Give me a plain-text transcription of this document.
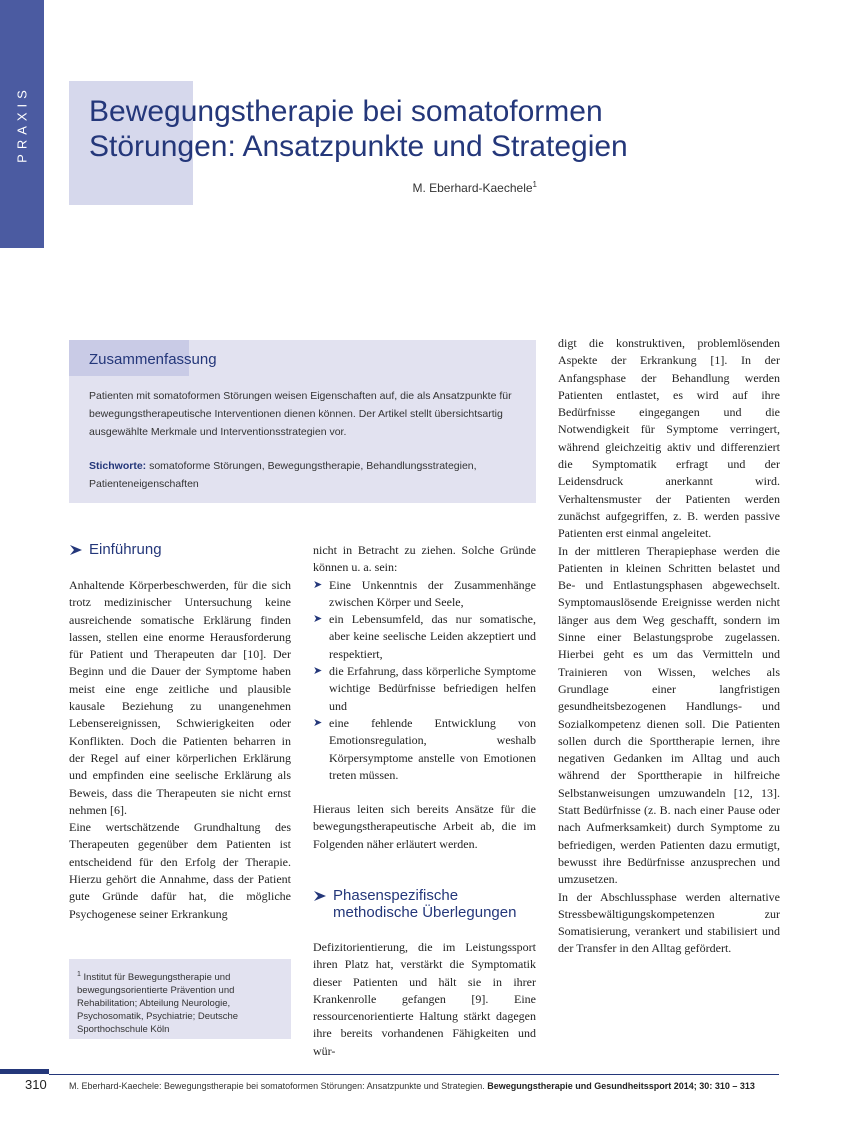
PRAXIS Bewegungstherapie bei somatoformen
Störungen: Ansatzpunkte und Strategien
M. Eberhard-Kaechele$^1$
Zusammenfassung
Patienten mit somatoformen Störungen weisen Eigenschaften auf, die als Ansatzpunkte für bewegungstherapeutische Interventionen dienen können. Der Artikel stellt übersichtsartig ausgewählte Merkmale und Interventionsstrategien vor.
Stichworte: somatoforme Störungen, Bewegungstherapie, Behandlungsstrategien, Patienteneigenschaften
Einführung

Anhaltende Körperbeschwerden, für die sich trotz medizinischer Untersuchung keine ausreichende somatische Erklärung finden lassen, stellen eine enorme Herausforderung für Patient und Therapeuten dar [10]. Der Beginn und die Dauer der Symptome haben meist eine enge zeitliche und plausible kausale Beziehung zu unangenehmen Lebensereignissen, Schwierigkeiten oder Konflikten. Doch die Patienten beharren in der Regel auf einer körperlichen Erklärung und empfinden eine seelische Erklärung als Beweis, dass die Therapeuten sie nicht ernst nehmen [6].

Eine wertschätzende Grundhaltung des Therapeuten gegenüber dem Patienten ist entscheidend für den Erfolg der Therapie. Hierzu gehört die Annahme, dass der Patient gute Gründe dafür hat, die mögliche Psychogenese seiner Erkrankung

nicht in Betracht zu ziehen. Solche Gründe können u. a. sein:

➤ Eine Unkenntnis der Zusammenhänge zwischen Körper und Seele,
➤ ein Lebensumfeld, das nur somatische, aber keine seelische Leiden akzeptiert und respektiert,
➤ die Erfahrung, dass körperliche Symptome wichtige Bedürfnisse befriedigen helfen und
➤ eine fehlende Entwicklung von Emotionsregulation, weshalb Körpersymptome anstelle von Emotionen treten müssen.

Hieraus leiten sich bereits Ansätze für die bewegungstherapeutische Arbeit ab, die im Folgenden näher erläutert werden.

Phasenspezifische
methodische Überlegungen

Defizitorientierung, die im Leistungssport ihren Platz hat, verstärkt die Symptomatik dieser Patienten und hält sie in ihrer Krankenrolle gefangen [9]. Eine ressourcenorientierte Haltung stärkt dagegen ihre bereits vorhandenen Fähigkeiten und wür-

digt die konstruktiven, problemlösenden Aspekte der Erkrankung [1]. In der Anfangsphase der Behandlung werden Patienten entlastet, es wird auf ihre Bedürfnisse eingegangen und die Notwendigkeit für Symptome verringert, während gleichzeitig aktiv und differenziert die Symptomatik erfragt und der Leidensdruck anerkannt wird. Verhaltensmuster der Patienten werden zunächst aufgegriffen, z. B. werden passive Patienten erst einmal angeleitet.

In der mittleren Therapiephase werden die Patienten in kleinen Schritten belastet und Be- und Entlastungsphasen abgewechselt. Symptomauslösende Ereignisse werden nicht länger aus dem Weg geschafft, sondern im Sinne einer Belastungsprobe zugelassen. Hierbei geht es um das Vermitteln und Trainieren von Wissen, welches als Grundlage einer langfristigen gesundheitsbezogenen Handlungs- und Sozialkompetenz dienen soll. Die Patienten sollen durch die Sporttherapie lernen, ihre negativen Gedanken im Alltag und auch während der Sporttherapie in hilfreiche Selbstanweisungen umzuwandeln [12, 13]. Statt Bedürfnisse (z. B. nach einer Pause oder nach Aufmerksamkeit) durch Symptome zu befriedigen, werden Patienten dazu ermutigt, bewusst ihre Bedürfnisse anzusprechen und umzusetzen.

In der Abschlussphase werden alternative Stressbewältigungskompetenzen zur Somatisierung, verankert und stabilisiert und der Transfer in den Alltag gefördert.

$^1$ Institut für Bewegungstherapie und bewegungsorientierte Prävention und Rehabilitation; Abteilung Neurologie, Psychosomatik, Psychiatrie; Deutsche Sporthochschule Köln
310 M. Eberhard-Kaechele: Bewegungstherapie bei somatoformen Störungen: Ansatzpunkte und Strategien. Bewegungstherapie und Gesundheitssport 2014; 30: 310 – 313
